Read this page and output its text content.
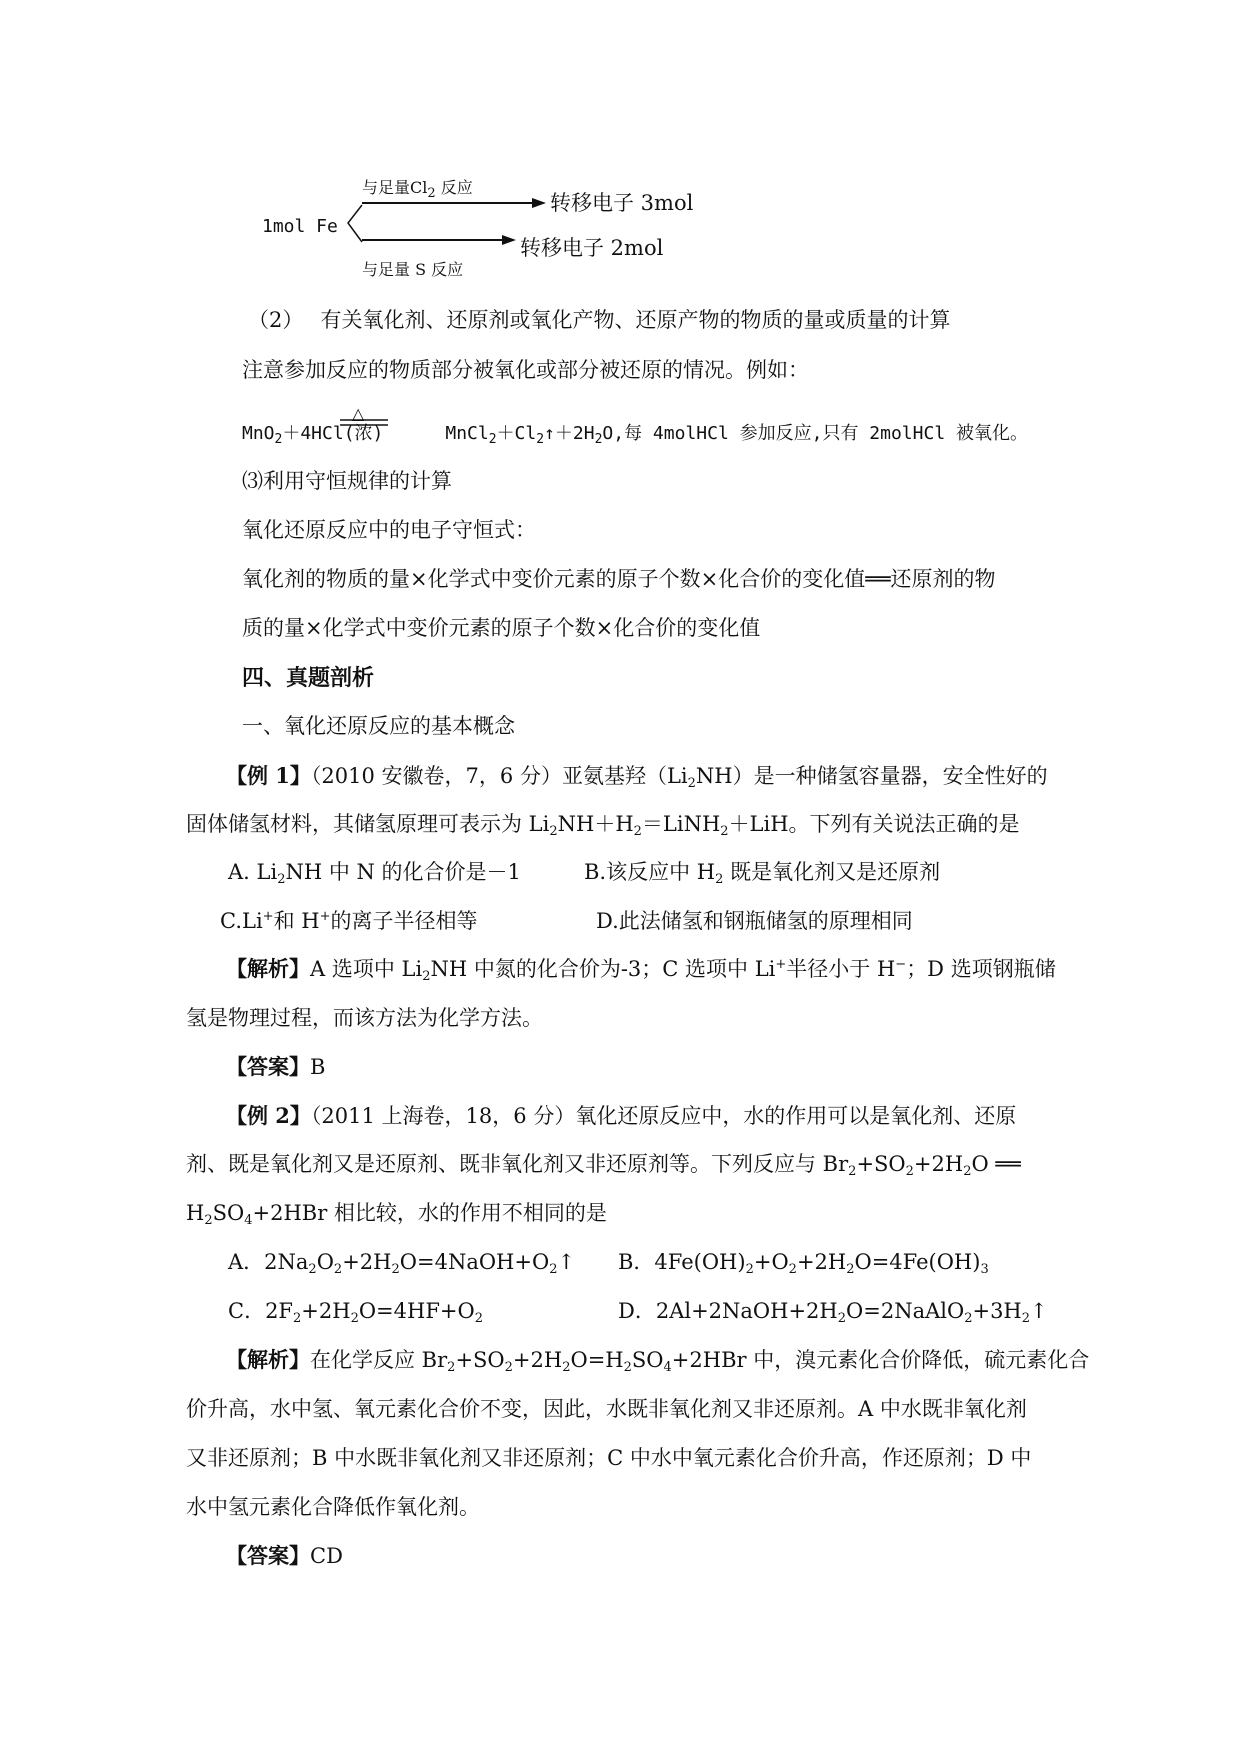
1mol Fe
与足量$Cl_2$ 反应
转移电子 3mol
与足量 S 反应
转移电子 2mol
（2）　 有关氧化剂、还原剂或氧化产物、还原产物的物质的量或质量的计算
注意参加反应的物质部分被氧化或部分被还原的情况。例如：
△
MnO$_2$＋4HCl(浓)	$MnCl_2+Cl_2↑+2H_2O$,每 4molHCl 参加反应,只有 2molHCl 被氧化。
⑶利用守恒规律的计算
氧化还原反应中的电子守恒式：
氧化剂的物质的量×化学式中变价元素的原子个数×化合价的变化值══还原剂的物
质的量×化学式中变价元素的原子个数×化合价的变化值
四、真题剖析
一、氧化还原反应的基本概念
【例 1】（2010 安徽卷，7，6 分）亚氨基羟$(Li_2NH)$是一种储氢容量器，安全性好的
固体储氢材料，其储氢原理可表示为 $Li_2NH+H_2=LiNH_2+LiH$。下列有关说法正确的是
A. $Li_2NH$ 中 N 的化合价是－1	B.该反应中 $H_2$ 既是氧化剂又是还原剂
C.Li+和 H+的离子半径相等	D.此法储氢和钢瓶储氢的原理相同
【解析】A 选项中 $Li_2NH$ 中氮的化合价为-3；C 选项中 Li+半径小于 H−；D 选项钢瓶储
氢是物理过程，而该方法为化学方法。
【答案】B
【例 2】（2011 上海卷，18，6 分）氧化还原反应中，水的作用可以是氧化剂、还原
剂、既是氧化剂又是还原剂、既非氧化剂又非还原剂等。下列反应与 $Br_2+SO_2+2H_2O$ ══
$H_2SO_4+2HBr$ 相比较，水的作用不相同的是
A．$2Na_2O_2+2H_2O=4NaOH+O_2↑$ B．$4Fe(OH)_2+O_2+2H_2O=4Fe(OH)_3$
C．$2F_2+2H_2O=4HF+O_2$	D．$2Al+2NaOH+2H_2O=2NaAlO_2+3H_2↑$
【解析】在化学反应 $Br_2+SO_2+2H_2O=H_2SO_4+2HBr$ 中，溴元素化合价降低，硫元素化合
价升高，水中氢、氧元素化合价不变，因此，水既非氧化剂又非还原剂。A 中水既非氧化剂
又非还原剂；B 中水既非氧化剂又非还原剂；C 中水中氧元素化合价升高，作还原剂；D 中
水中氢元素化合降低作氧化剂。
【答案】CD
